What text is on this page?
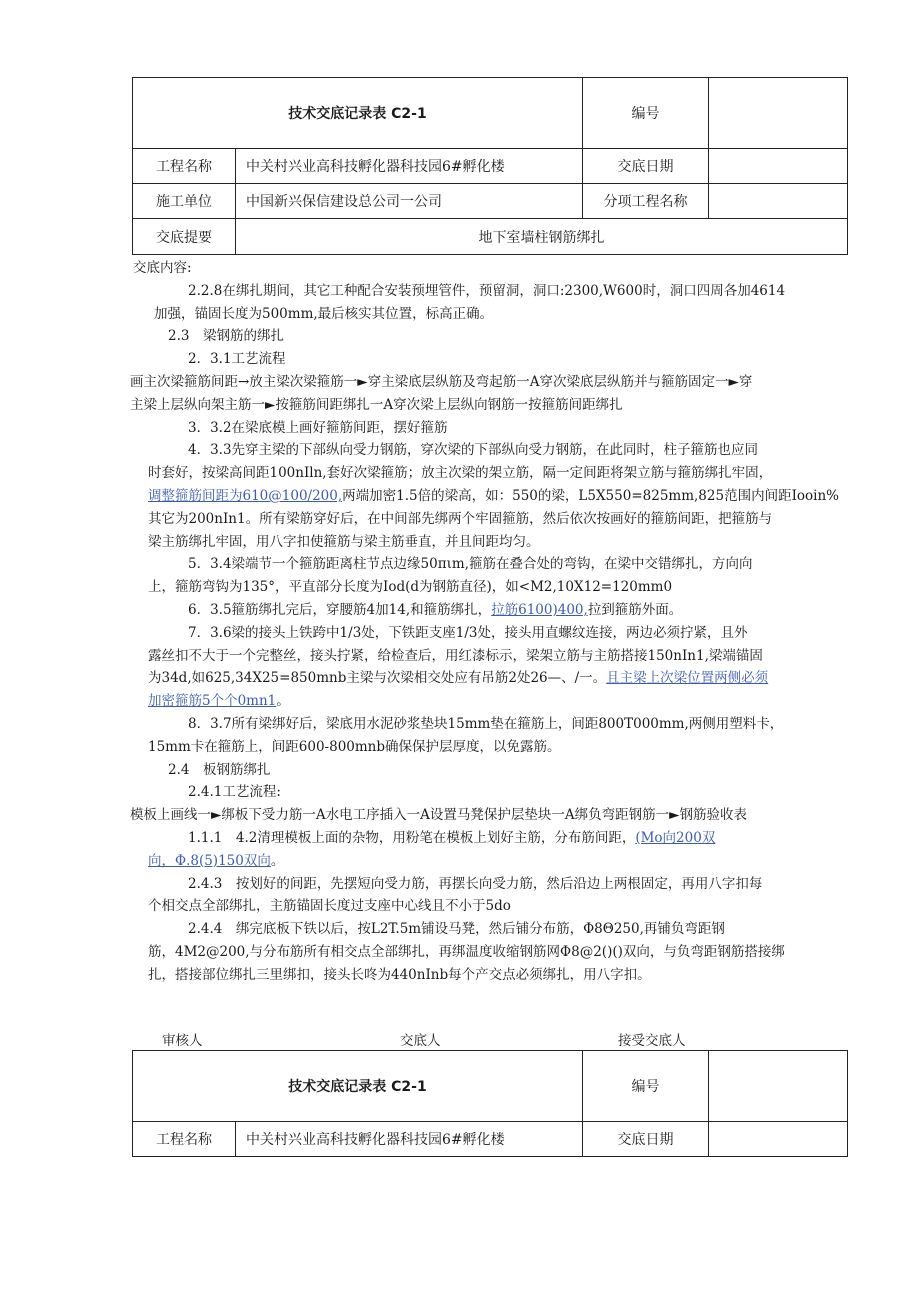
技术交底记录表 C2-1		编号	
工程名称	中关村兴业高科技孵化器科技园6#孵化楼	交底日期	
施工单位	中国新兴保信建设总公司一公司	分项工程名称	
交底提要	地下室墙柱钢筋绑扎		

交底内容:

2.2.8在绑扎期间，其它工种配合安装预埋管件，预留洞，洞口:2300,W600时，洞口四周各加4614

加强，锚固长度为500mm,最后核实其位置，标高正确。

2.3　梁钢筋的绑扎

2．3.1工艺流程

画主次梁箍筋间距→放主梁次梁箍筋一►穿主梁底层纵筋及弯起筋一A穿次梁底层纵筋并与箍筋固定一►穿

主梁上层纵向架主筋一►按箍筋间距绑扎一A穿次梁上层纵向钢筋一按箍筋间距绑扎

3．3.2在梁底模上画好箍筋间距，摆好箍筋

4．3.3先穿主梁的下部纵向受力钢筋，穿次梁的下部纵向受力钢筋，在此同时，柱子箍筋也应同

时套好，按梁高间距100nIln,套好次梁箍筋；放主次梁的架立筋，隔一定间距将架立筋与箍筋绑扎牢固，

调整箍筋间距为610@100/200,两端加密1.5倍的梁高，如：550的梁，L5X550=825mm,825范围内间距Iooin%

其它为200nIn1。所有梁筋穿好后，在中间部先绑两个牢固箍筋，然后依次按画好的箍筋间距，把箍筋与

梁主筋绑扎牢固，用八字扣使箍筋与梁主筋垂直，并且间距均匀。

5．3.4梁端节一个箍筋距离柱节点边缘50πιm,箍筋在叠合处的弯钩，在梁中交错绑扎，方向向

上，箍筋弯钩为135°，平直部分长度为Iod(d为钢筋直径)，如<M2,10X12=120mm0

6．3.5箍筋绑扎完后，穿腰筋4加14,和箍筋绑扎，拉筋6100)400,拉到箍筋外面。

7．3.6梁的接头上铁跨中1/3处，下铁距支座1/3处，接头用直螺纹连接，两边必须拧紧，且外

露丝扣不大于一个完整丝，接头拧紧，给检查后，用红漆标示，梁架立筋与主筋搭接150nIn1,梁端锚固

为34d,如625,34X25=850mnb主梁与次梁相交处应有吊筋2处26—、/一。且主梁上次梁位置两侧必须

加密箍筋5个个0mn1。

8．3.7所有梁绑好后，梁底用水泥砂浆垫块15mm垫在箍筋上，间距800T000mm,两侧用塑料卡，

15mm卡在箍筋上，间距600-800mnb确保保护层厚度，以免露筋。

2.4　板钢筋绑扎

2.4.1工艺流程:

模板上画线一►绑板下受力筋一A水电工序插入一A设置马凳保护层垫块一A绑负弯距钢筋一►钢筋验收表

1.1.1　4.2清理模板上面的杂物，用粉笔在模板上划好主筋，分布筋间距，(Mo向200双

向，Φ.8(5)150双向。

2.4.3　按划好的间距，先摆短向受力筋，再摆长向受力筋，然后沿边上两根固定，再用八字扣每

个相交点全部绑扎，主筋锚固长度过支座中心线且不小于5do

2.4.4　绑完底板下铁以后，按L2T.5m铺设马凳，然后铺分布筋，Φ8Θ250,再铺负弯距钢

筋，4M2@200,与分布筋所有相交点全部绑扎，再绑温度收缩钢筋网Φ8@2()()双向，与负弯距钢筋搭接绑

扎，搭接部位绑扎三里绑扣，接头长咚为440nInb每个产交点必须绑扎，用八字扣。

审核人	交底人	接受交底人
技术交底记录表 C2-1		编号	
工程名称	中关村兴业高科技孵化器科技园6#孵化楼	交底日期	
